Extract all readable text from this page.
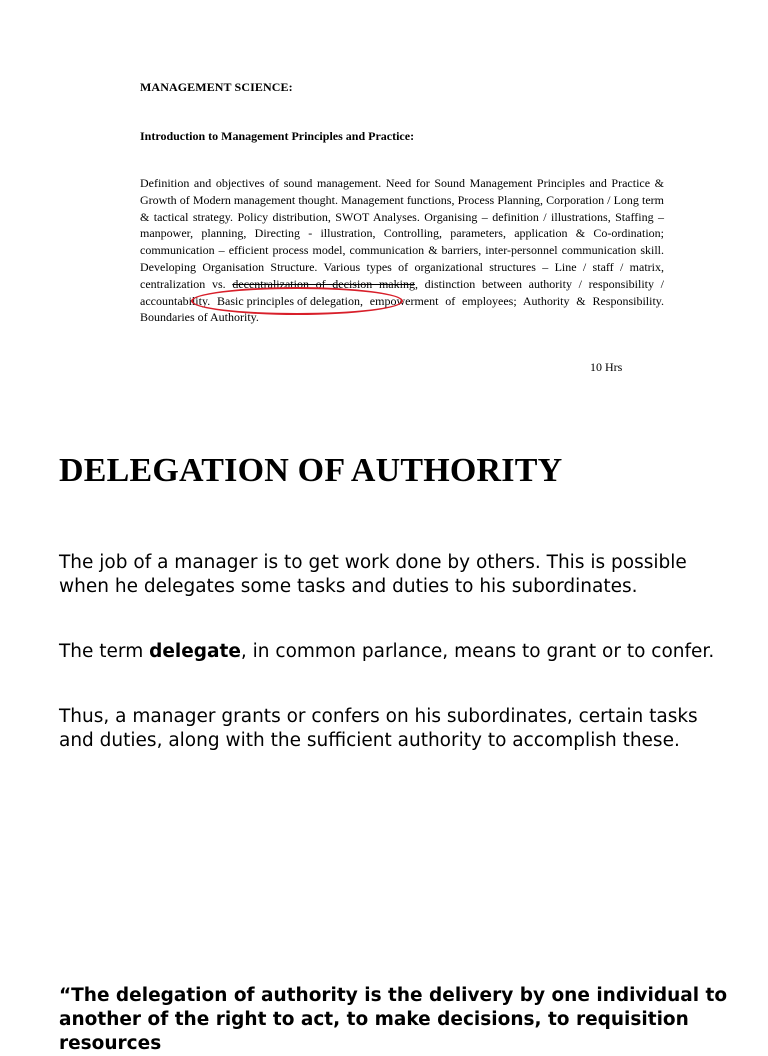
MANAGEMENT SCIENCE:

Introduction to Management Principles and Practice:

Definition and objectives of sound management. Need for Sound Management Principles and Practice & Growth of Modern management thought. Management functions, Process Planning, Corporation / Long term & tactical strategy. Policy distribution, SWOT Analyses. Organising – definition / illustrations, Staffing – manpower, planning, Directing - illustration, Controlling, parameters, application & Co-ordination; communication – efficient process model, communication & barriers, inter-personnel communication skill. Developing Organisation Structure. Various types of organizational structures – Line / staff / matrix, centralization vs. decentralization of decision making, distinction between authority / responsibility / accountability.
Basic principles of delegation, empowerment of employees; Authority & Responsibility. Boundaries of Authority.

10 Hrs
DELEGATION OF AUTHORITY

The job of a manager is to get work done by others. This is possible when he delegates some tasks and duties to his subordinates.

The term delegate, in common parlance, means to grant or to confer.

Thus, a manager grants or confers on his subordinates, certain tasks and duties, along with the sufficient authority to accomplish these.

“The delegation of authority is the delivery by one individual to another of the right to act, to make decisions, to requisition resources
